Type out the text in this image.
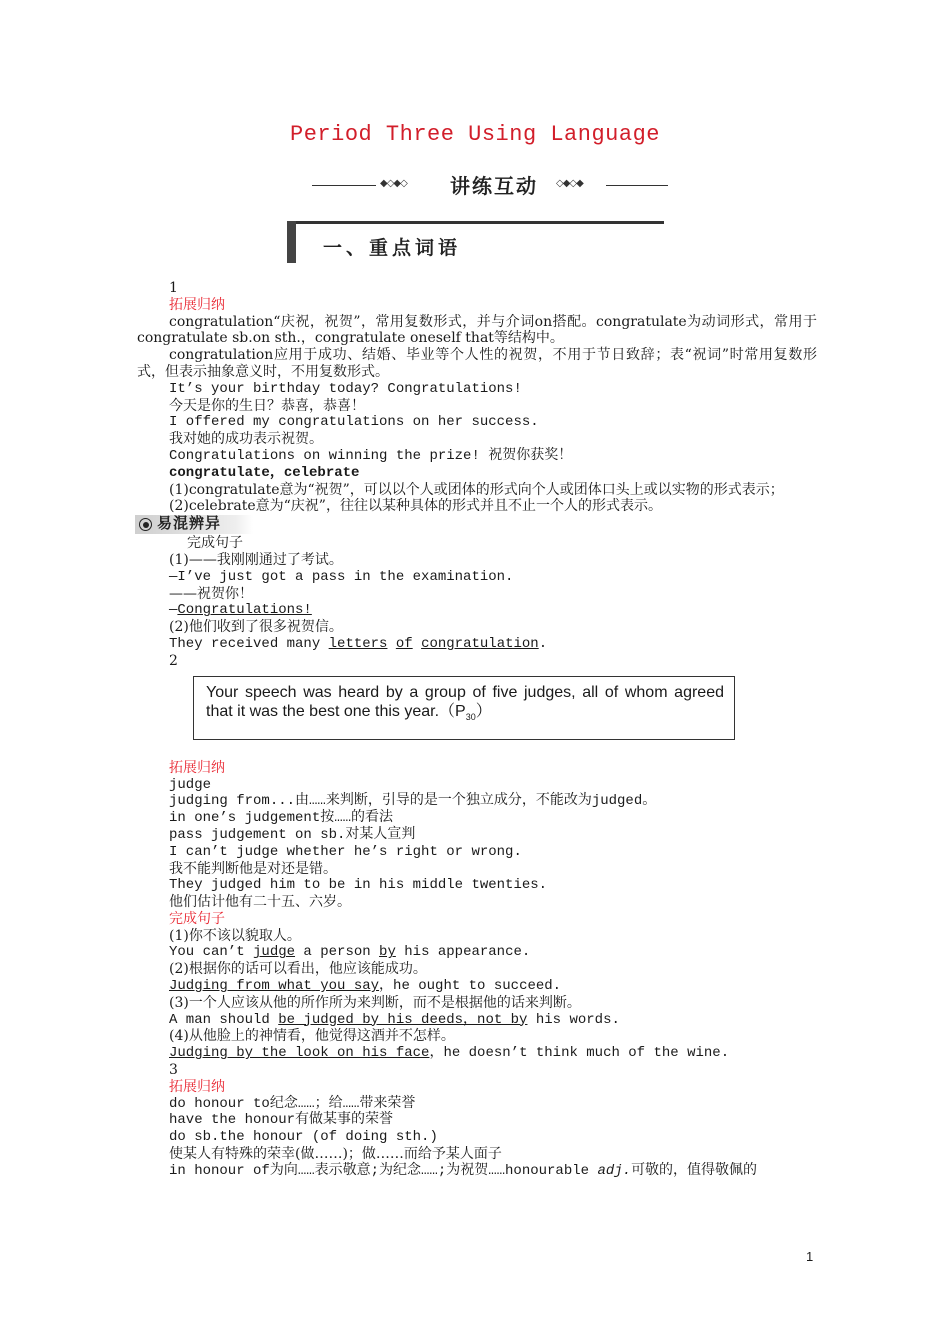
Period Three Using Language
◆◇◆◇	讲练互动	◇◆◇◆
一、重点词语
1
拓展归纳
congratulation“庆祝，祝贺”，常用复数形式，并与介词on搭配。congratulate为动词形式，常用于congratulate sb.on sth.，congratulate oneself that等结构中。
congratulation应用于成功、结婚、毕业等个人性的祝贺，不用于节日致辞；表“祝词”时常用复数形式，但表示抽象意义时，不用复数形式。
It’s your birthday today? Congratulations!
今天是你的生日？恭喜，恭喜！
I offered my congratulations on her success.
我对她的成功表示祝贺。
Congratulations on winning the prize! 祝贺你获奖！
congratulate，celebrate
(1)congratulate意为“祝贺”，可以以个人或团体的形式向个人或团体口头上或以实物的形式表示；
(2)celebrate意为“庆祝”，往往以某种具体的形式并且不止一个人的形式表示。
易混辨异
完成句子
(1)——我刚刚通过了考试。
—I’ve just got a pass in the examination.
——祝贺你！
—Congratulations!
(2)他们收到了很多祝贺信。
They received many letters of congratulation.
2
Your speech was heard by a group of five judges, all of whom agreed that it was the best one this $year.(P_{30})$
拓展归纳
judge
judging from...由……来判断，引导的是一个独立成分，不能改为judged。
in one’s judgement按……的看法
pass judgement on sb.对某人宣判
I can’t judge whether he’s right or wrong.
我不能判断他是对还是错。
They judged him to be in his middle twenties.
他们估计他有二十五、六岁。
完成句子
(1)你不该以貌取人。
You can’t judge a person by his appearance.
(2)根据你的话可以看出，他应该能成功。
Judging from what you say，he ought to succeed.
(3)一个人应该从他的所作所为来判断，而不是根据他的话来判断。
A man should be judged by his deeds，not by his words.
(4)从他脸上的神情看，他觉得这酒并不怎样。
Judging by the look on his face，he doesn’t think much of the wine.
3
拓展归纳
do honour to纪念……；给……带来荣誉
have the honour有做某事的荣誉
do sb.the honour (of doing sth.)
使某人有特殊的荣幸(做……)；做……而给予某人面子
in honour of为向……表示敬意;为纪念……;为祝贺……honourable adj.可敬的，值得敬佩的
1
